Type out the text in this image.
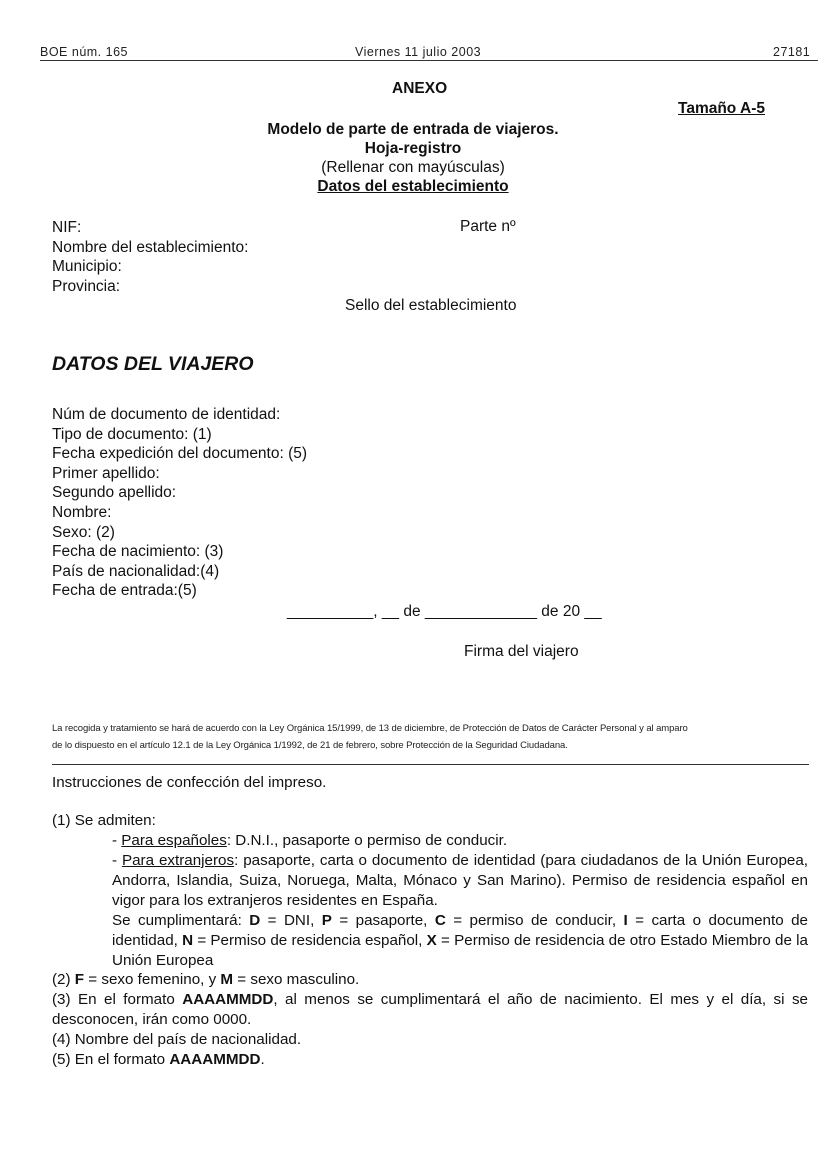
BOE núm. 165	Viernes 11 julio 2003	27181
ANEXO
Tamaño A-5
Modelo de parte de entrada de viajeros.
Hoja-registro
(Rellenar con mayúsculas)
Datos del establecimiento
NIF:
Nombre del establecimiento:
Municipio:
Provincia:
Parte nº
Sello del establecimiento
DATOS DEL VIAJERO
Núm de documento de identidad:
Tipo de documento: (1)
Fecha expedición del documento: (5)
Primer apellido:
Segundo apellido:
Nombre:
Sexo: (2)
Fecha de nacimiento: (3)
País de nacionalidad:(4)
Fecha de entrada:(5)
__________, __ de _____________ de 20 __
Firma del viajero
La recogida y tratamiento se hará de acuerdo con la Ley Orgánica 15/1999, de 13 de diciembre, de Protección de Datos de Carácter Personal y al amparo
de lo dispuesto en el artículo 12.1 de la Ley Orgánica 1/1992, de 21 de febrero, sobre Protección de la Seguridad Ciudadana.
Instrucciones de confección del impreso.
(1) Se admiten:
- Para españoles: D.N.I., pasaporte o permiso de conducir.
- Para extranjeros: pasaporte, carta o documento de identidad (para ciudadanos de la Unión Europea, Andorra, Islandia, Suiza, Noruega, Malta, Mónaco y San Marino). Permiso de residencia español en vigor para los extranjeros residentes en España.
Se cumplimentará: D = DNI, P = pasaporte, C = permiso de conducir, I = carta o documento de identidad, N = Permiso de residencia español, X = Permiso de residencia de otro Estado Miembro de la Unión Europea
(2) F = sexo femenino, y M = sexo masculino.
(3) En el formato AAAAMMDD, al menos se cumplimentará el año de nacimiento. El mes y el día, si se desconocen, irán como 0000.
(4) Nombre del país de nacionalidad.
(5) En el formato AAAAMMDD.
